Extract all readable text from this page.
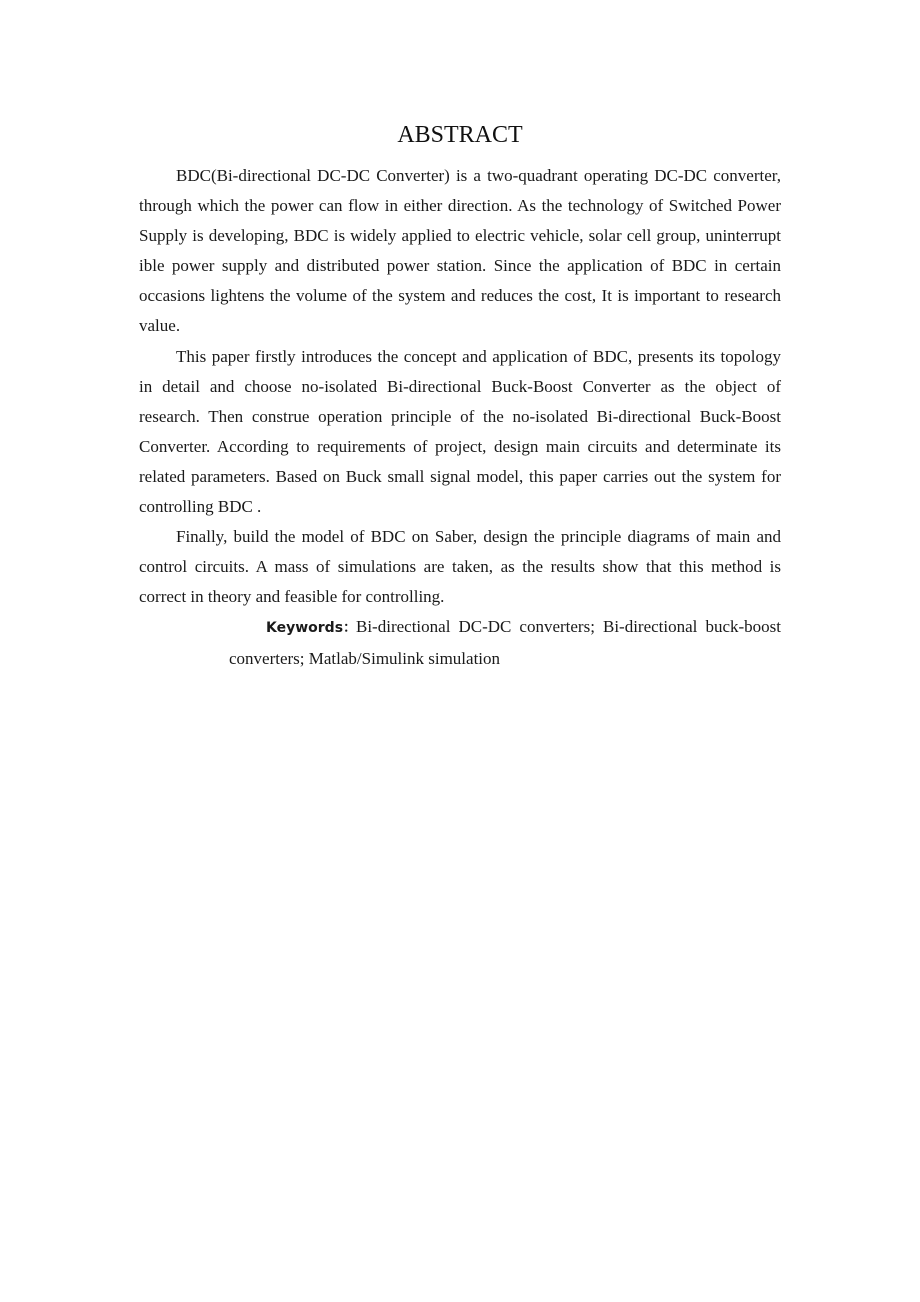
ABSTRACT

BDC(Bi-directional DC-DC Converter) is a two-quadrant operating DC-DC converter, through which the power can flow in either direction. As the technology of Switched Power Supply is developing, BDC is widely applied to electric vehicle, solar cell group, uninterrupt ible power supply and distributed power station. Since the application of BDC in certain occasions lightens the volume of the system and reduces the cost, It is important to research value.

This paper firstly introduces the concept and application of BDC, presents its topology in detail and choose no-isolated Bi-directional Buck-Boost Converter as the object of research. Then construe operation principle of the no-isolated Bi-directional Buck-Boost Converter. According to requirements of project, design main circuits and determinate its related parameters. Based on Buck small signal model, this paper carries out the system for controlling BDC .

Finally, build the model of BDC on Saber, design the principle diagrams of main and control circuits. A mass of simulations are taken, as the results show that this method is correct in theory and feasible for controlling.

Keywords：Bi-directional DC-DC converters; Bi-directional buck-boost converters; Matlab/Simulink simulation
